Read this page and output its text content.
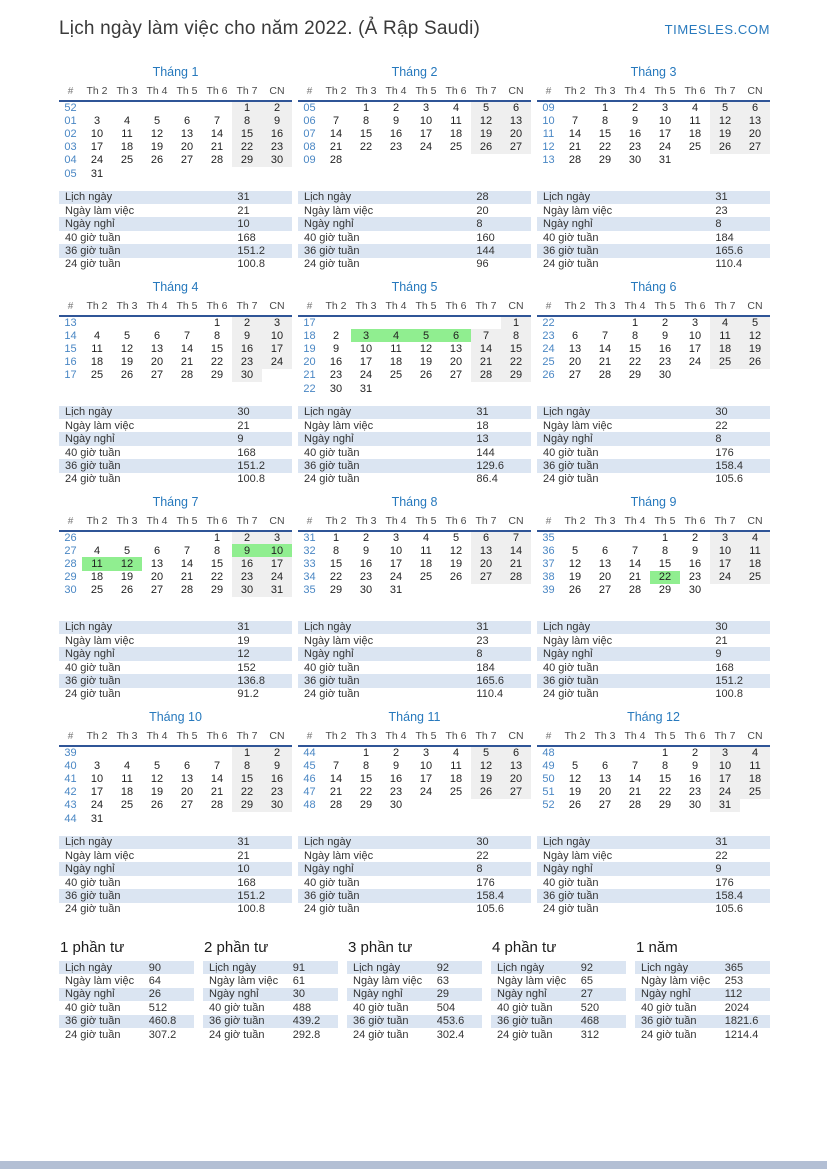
Lịch ngày làm việc cho năm 2022. (Ả Rập Saudi)	TIMESLES.COM
Tháng 1
#	Th 2	Th 3	Th 4	Th 5	Th 6	Th 7	CN
52						1	2
01	3	4	5	6	7	8	9
02	10	11	12	13	14	15	16
03	17	18	19	20	21	22	23
04	24	25	26	27	28	29	30
05	31						
Lịch ngày	31
Ngày làm việc	21
Ngày nghỉ	10
40 giờ tuần	168
36 giờ tuần	151.2
24 giờ tuần	100.8
Tháng 2
#	Th 2	Th 3	Th 4	Th 5	Th 6	Th 7	CN
05		1	2	3	4	5	6
06	7	8	9	10	11	12	13
07	14	15	16	17	18	19	20
08	21	22	23	24	25	26	27
09	28						
Lịch ngày	28
Ngày làm việc	20
Ngày nghỉ	8
40 giờ tuần	160
36 giờ tuần	144
24 giờ tuần	96
Tháng 3
#	Th 2	Th 3	Th 4	Th 5	Th 6	Th 7	CN
09		1	2	3	4	5	6
10	7	8	9	10	11	12	13
11	14	15	16	17	18	19	20
12	21	22	23	24	25	26	27
13	28	29	30	31			
Lịch ngày	31
Ngày làm việc	23
Ngày nghỉ	8
40 giờ tuần	184
36 giờ tuần	165.6
24 giờ tuần	110.4
Tháng 4
#	Th 2	Th 3	Th 4	Th 5	Th 6	Th 7	CN
13					1	2	3
14	4	5	6	7	8	9	10
15	11	12	13	14	15	16	17
16	18	19	20	21	22	23	24
17	25	26	27	28	29	30	
Lịch ngày	30
Ngày làm việc	21
Ngày nghỉ	9
40 giờ tuần	168
36 giờ tuần	151.2
24 giờ tuần	100.8
Tháng 5
#	Th 2	Th 3	Th 4	Th 5	Th 6	Th 7	CN
17							1
18	2	3	4	5	6	7	8
19	9	10	11	12	13	14	15
20	16	17	18	19	20	21	22
21	23	24	25	26	27	28	29
22	30	31					
Lịch ngày	31
Ngày làm việc	18
Ngày nghỉ	13
40 giờ tuần	144
36 giờ tuần	129.6
24 giờ tuần	86.4
Tháng 6
#	Th 2	Th 3	Th 4	Th 5	Th 6	Th 7	CN
22			1	2	3	4	5
23	6	7	8	9	10	11	12
24	13	14	15	16	17	18	19
25	20	21	22	23	24	25	26
26	27	28	29	30			
Lịch ngày	30
Ngày làm việc	22
Ngày nghỉ	8
40 giờ tuần	176
36 giờ tuần	158.4
24 giờ tuần	105.6
Tháng 7
#	Th 2	Th 3	Th 4	Th 5	Th 6	Th 7	CN
26					1	2	3
27	4	5	6	7	8	9	10
28	11	12	13	14	15	16	17
29	18	19	20	21	22	23	24
30	25	26	27	28	29	30	31
Lịch ngày	31
Ngày làm việc	19
Ngày nghỉ	12
40 giờ tuần	152
36 giờ tuần	136.8
24 giờ tuần	91.2
Tháng 8
#	Th 2	Th 3	Th 4	Th 5	Th 6	Th 7	CN
31	1	2	3	4	5	6	7
32	8	9	10	11	12	13	14
33	15	16	17	18	19	20	21
34	22	23	24	25	26	27	28
35	29	30	31				
Lịch ngày	31
Ngày làm việc	23
Ngày nghỉ	8
40 giờ tuần	184
36 giờ tuần	165.6
24 giờ tuần	110.4
Tháng 9
#	Th 2	Th 3	Th 4	Th 5	Th 6	Th 7	CN
35				1	2	3	4
36	5	6	7	8	9	10	11
37	12	13	14	15	16	17	18
38	19	20	21	22	23	24	25
39	26	27	28	29	30		
Lịch ngày	30
Ngày làm việc	21
Ngày nghỉ	9
40 giờ tuần	168
36 giờ tuần	151.2
24 giờ tuần	100.8
Tháng 10
#	Th 2	Th 3	Th 4	Th 5	Th 6	Th 7	CN
39						1	2
40	3	4	5	6	7	8	9
41	10	11	12	13	14	15	16
42	17	18	19	20	21	22	23
43	24	25	26	27	28	29	30
44	31						
Lịch ngày	31
Ngày làm việc	21
Ngày nghỉ	10
40 giờ tuần	168
36 giờ tuần	151.2
24 giờ tuần	100.8
Tháng 11
#	Th 2	Th 3	Th 4	Th 5	Th 6	Th 7	CN
44		1	2	3	4	5	6
45	7	8	9	10	11	12	13
46	14	15	16	17	18	19	20
47	21	22	23	24	25	26	27
48	28	29	30				
Lịch ngày	30
Ngày làm việc	22
Ngày nghỉ	8
40 giờ tuần	176
36 giờ tuần	158.4
24 giờ tuần	105.6
Tháng 12
#	Th 2	Th 3	Th 4	Th 5	Th 6	Th 7	CN
48				1	2	3	4
49	5	6	7	8	9	10	11
50	12	13	14	15	16	17	18
51	19	20	21	22	23	24	25
52	26	27	28	29	30	31	
Lịch ngày	31
Ngày làm việc	22
Ngày nghỉ	9
40 giờ tuần	176
36 giờ tuần	158.4
24 giờ tuần	105.6
1 phần tư
Lịch ngày	90
Ngày làm việc	64
Ngày nghỉ	26
40 giờ tuần	512
36 giờ tuần	460.8
24 giờ tuần	307.2
2 phần tư
Lịch ngày	91
Ngày làm việc	61
Ngày nghỉ	30
40 giờ tuần	488
36 giờ tuần	439.2
24 giờ tuần	292.8
3 phần tư
Lịch ngày	92
Ngày làm việc	63
Ngày nghỉ	29
40 giờ tuần	504
36 giờ tuần	453.6
24 giờ tuần	302.4
4 phần tư
Lịch ngày	92
Ngày làm việc	65
Ngày nghỉ	27
40 giờ tuần	520
36 giờ tuần	468
24 giờ tuần	312
1 năm
Lịch ngày	365
Ngày làm việc	253
Ngày nghỉ	112
40 giờ tuần	2024
36 giờ tuần	1821.6
24 giờ tuần	1214.4
